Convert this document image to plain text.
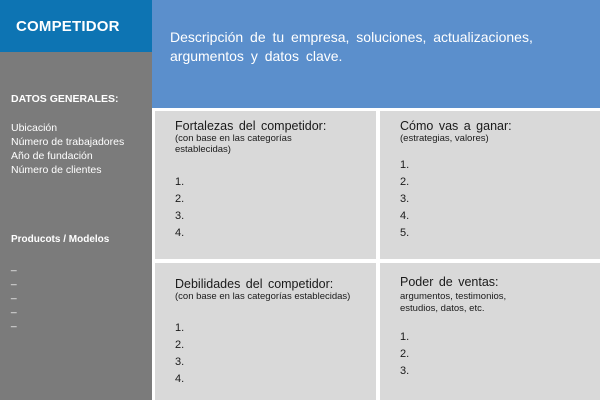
COMPETIDOR
DATOS GENERALES:
Ubicación
Número de trabajadores
Año de fundación
Número de clientes
Producots / Modelos
_
_
_
_
_
Descripción de tu empresa, soluciones, actualizaciones,
argumentos y datos clave.
Fortalezas del competidor:
(con base en las categorías
establecidas)
1.
2.
3.
4.
Cómo vas a ganar:
(estrategias, valores)
1.
2.
3.
4.
5.
Debilidades del competidor:
(con base en las categorías establecidas)
1.
2.
3.
4.
Poder de ventas:
argumentos, testimonios,
estudios, datos, etc.
1.
2.
3.
